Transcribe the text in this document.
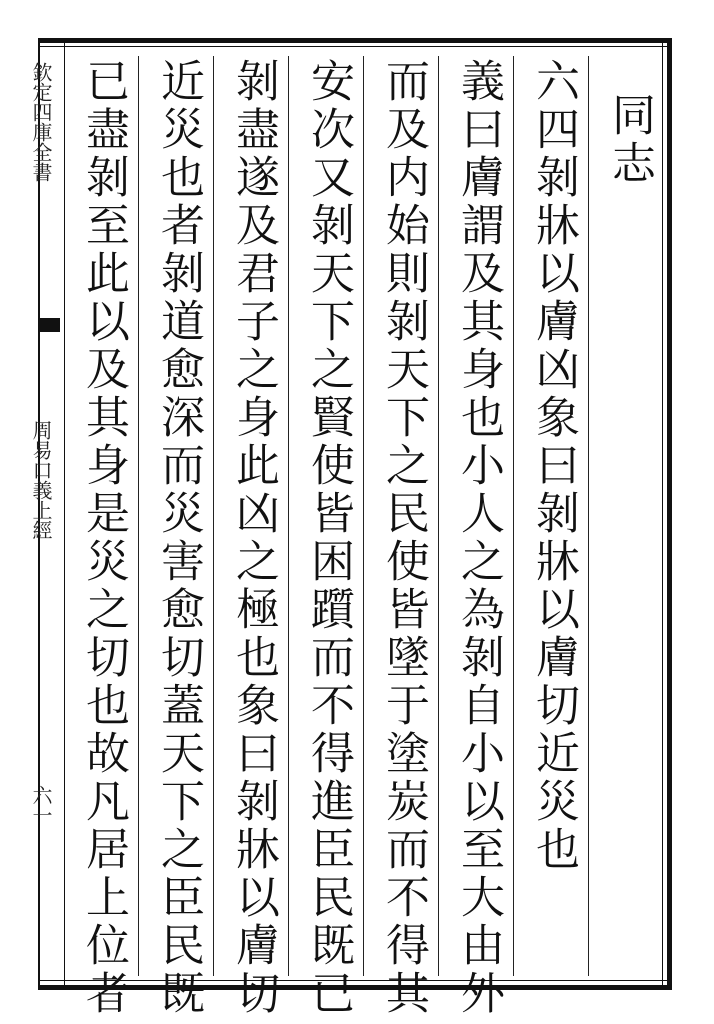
欽定四庫全書
周易口義上經
六一
同志
六四剝牀以膚凶象曰剝牀以膚切近災也
義曰膚謂及其身也小人之為剝自小以至大由外
而及内始則剝天下之民使皆墜于塗炭而不得其
安次又剝天下之賢使皆困躓而不得進臣民既已
剝盡遂及君子之身此凶之極也象曰剝牀以膚切
近災也者剝道愈深而災害愈切蓋天下之臣民既
已盡剝至此以及其身是災之切也故凡居上位者
